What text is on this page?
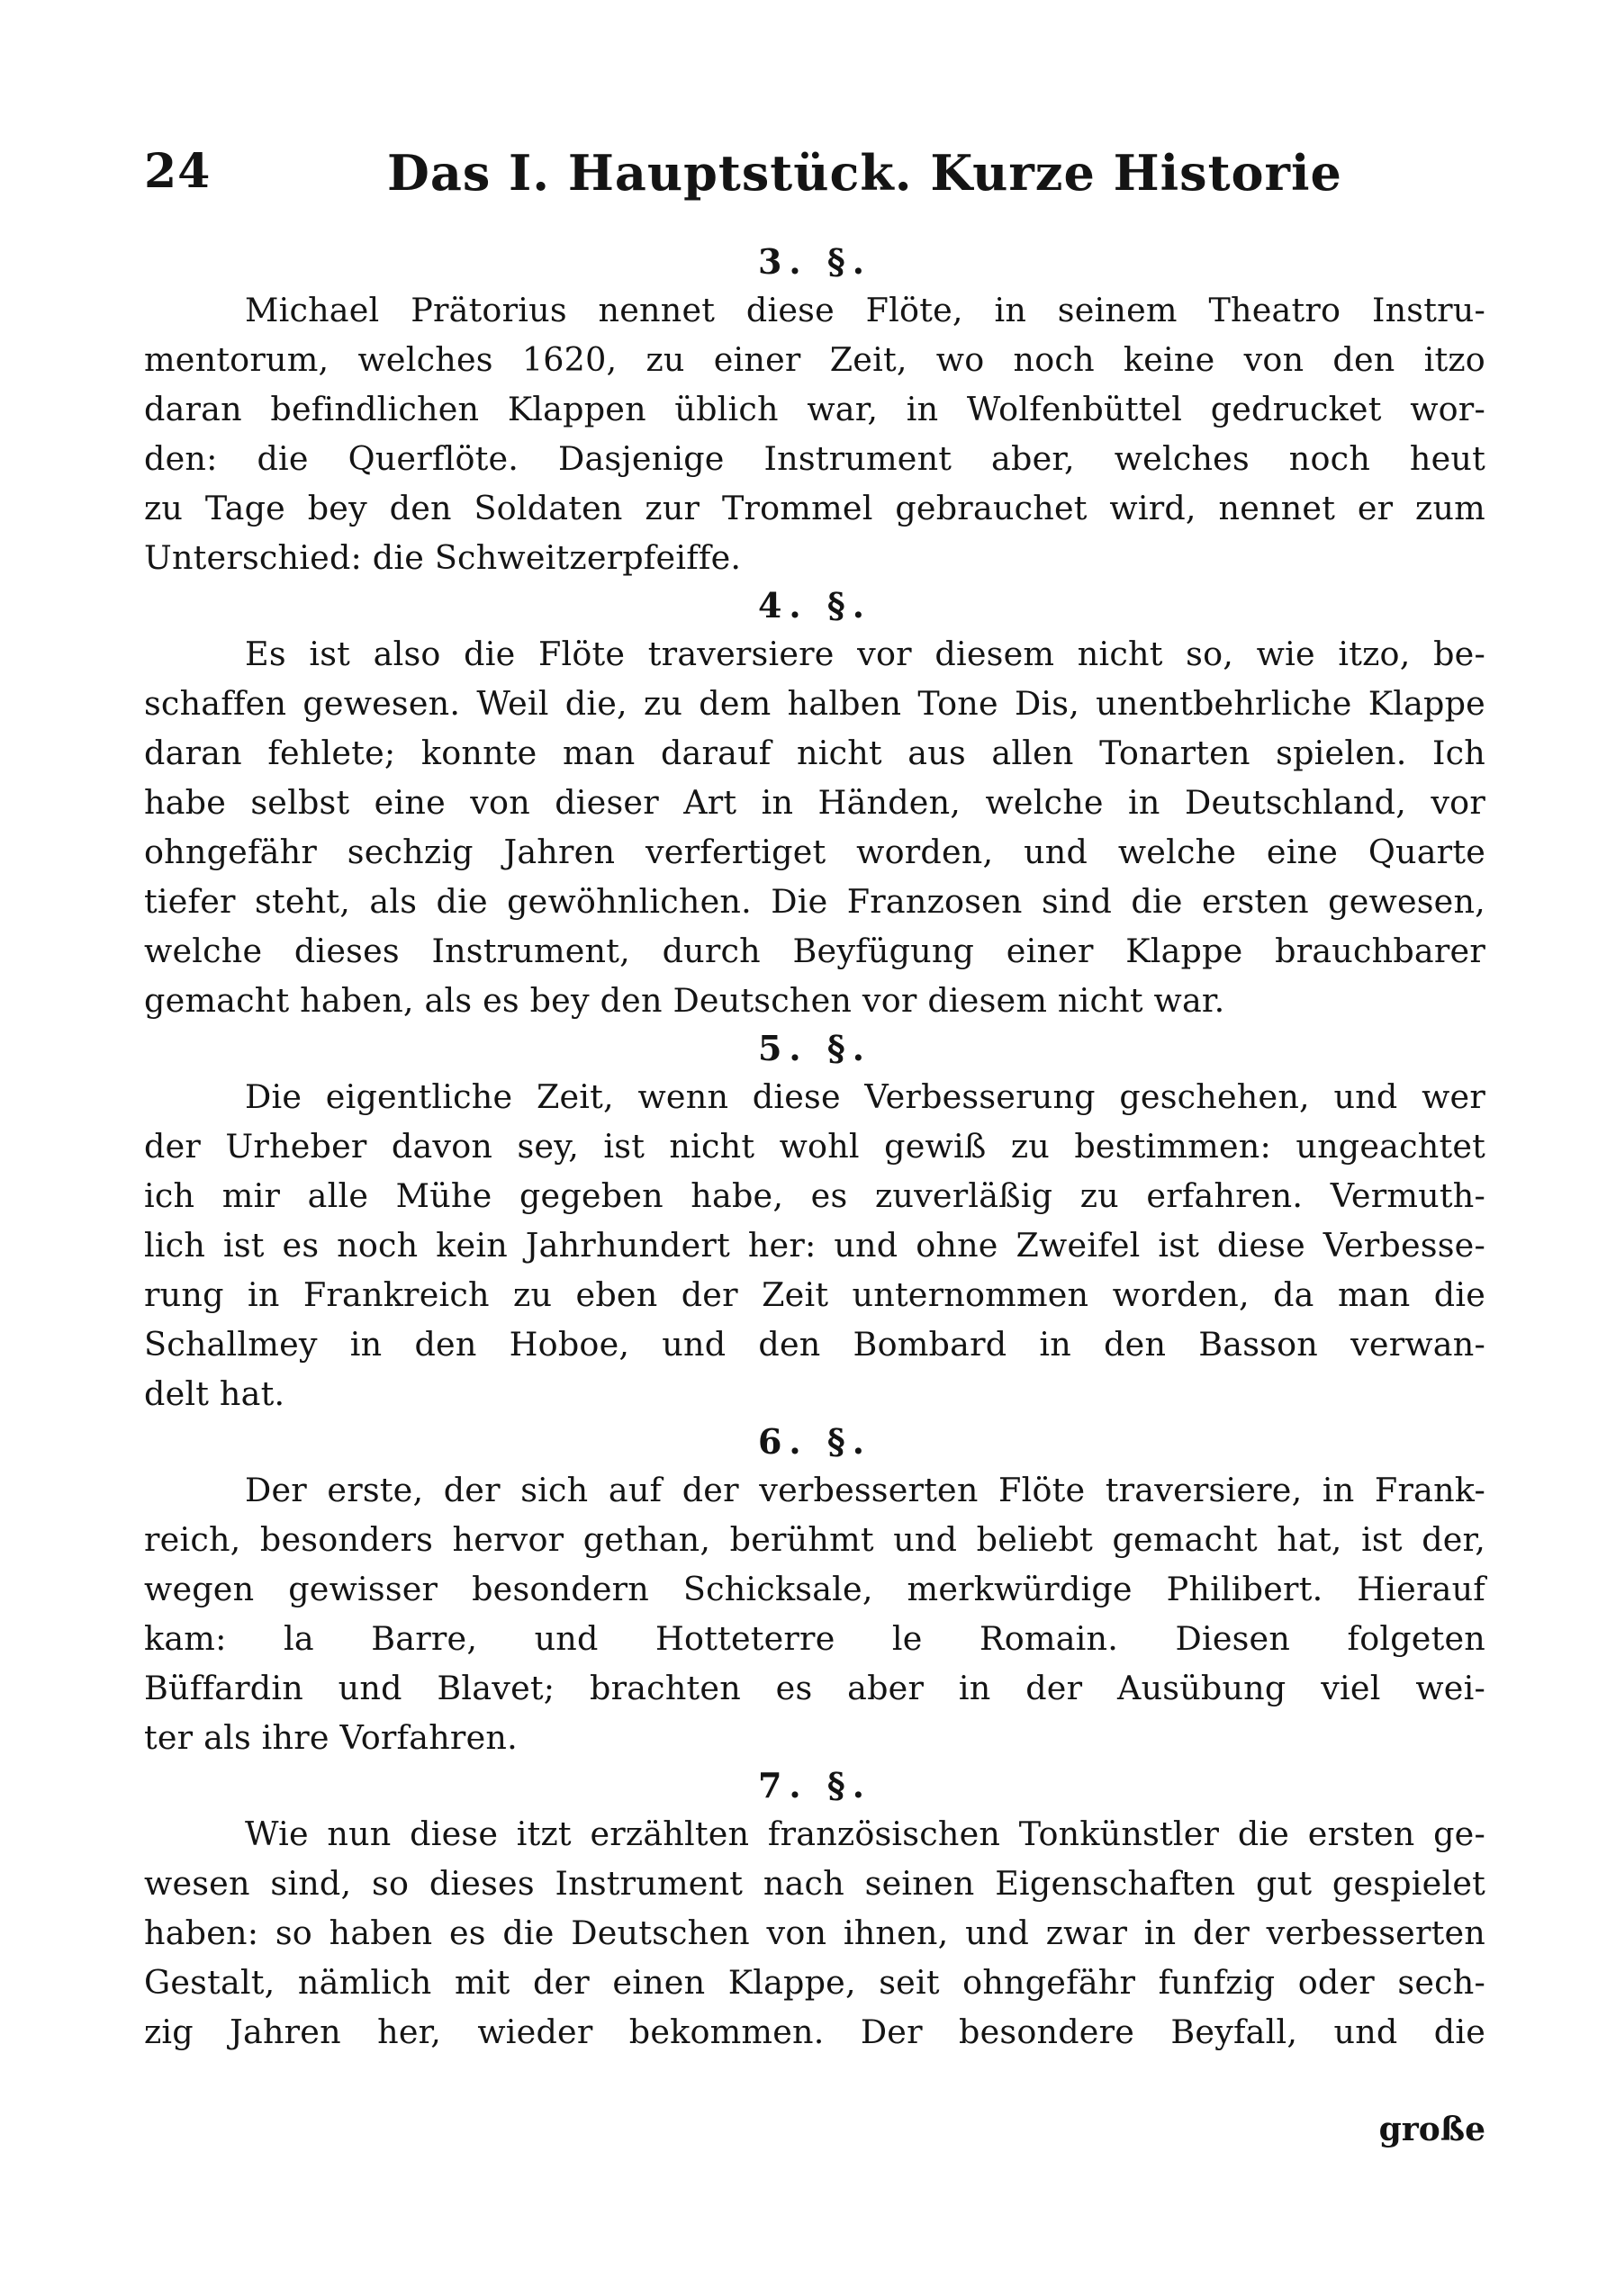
24	Das I. Hauptstück. Kurze Historie
3. §.
Michael Prätorius nennet diese Flöte, in seinem Theatro Instru-
mentorum, welches 1620, zu einer Zeit, wo noch keine von den itzo
daran befindlichen Klappen üblich war, in Wolfenbüttel gedrucket wor-
den: die Querflöte. Dasjenige Instrument aber, welches noch heut
zu Tage bey den Soldaten zur Trommel gebrauchet wird, nennet er zum
Unterschied: die Schweitzerpfeiffe.
4. §.
Es ist also die Flöte traversiere vor diesem nicht so, wie itzo, be-
schaffen gewesen. Weil die, zu dem halben Tone Dis, unentbehrliche Klappe
daran fehlete; konnte man darauf nicht aus allen Tonarten spielen. Ich
habe selbst eine von dieser Art in Händen, welche in Deutschland, vor
ohngefähr sechzig Jahren verfertiget worden, und welche eine Quarte
tiefer steht, als die gewöhnlichen. Die Franzosen sind die ersten gewesen,
welche dieses Instrument, durch Beyfügung einer Klappe brauchbarer
gemacht haben, als es bey den Deutschen vor diesem nicht war.
5. §.
Die eigentliche Zeit, wenn diese Verbesserung geschehen, und wer
der Urheber davon sey, ist nicht wohl gewiß zu bestimmen: ungeachtet
ich mir alle Mühe gegeben habe, es zuverläßig zu erfahren. Vermuth-
lich ist es noch kein Jahrhundert her: und ohne Zweifel ist diese Verbesse-
rung in Frankreich zu eben der Zeit unternommen worden, da man die
Schallmey in den Hoboe, und den Bombard in den Basson verwan-
delt hat.
6. §.
Der erste, der sich auf der verbesserten Flöte traversiere, in Frank-
reich, besonders hervor gethan, berühmt und beliebt gemacht hat, ist der,
wegen gewisser besondern Schicksale, merkwürdige Philibert. Hierauf
kam: la Barre, und Hotteterre le Romain. Diesen folgeten
Büffardin und Blavet; brachten es aber in der Ausübung viel wei-
ter als ihre Vorfahren.
7. §.
Wie nun diese itzt erzählten französischen Tonkünstler die ersten ge-
wesen sind, so dieses Instrument nach seinen Eigenschaften gut gespielet
haben: so haben es die Deutschen von ihnen, und zwar in der verbesserten
Gestalt, nämlich mit der einen Klappe, seit ohngefähr funfzig oder sech-
zig Jahren her, wieder bekommen. Der besondere Beyfall, und die
große
